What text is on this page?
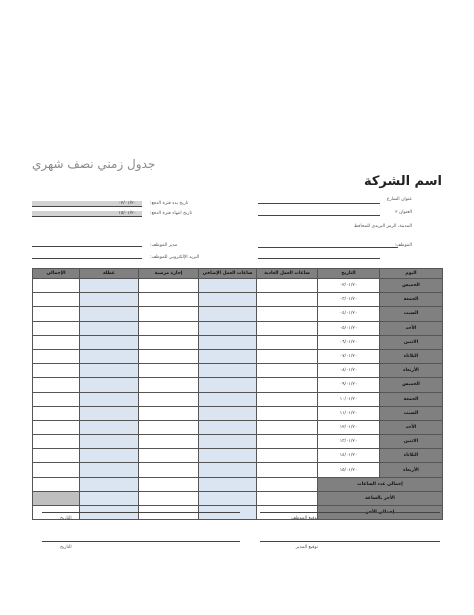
جدول زمني نصف شهري
اسم الشركة
عنوان الشارع
العنوان ٢
المدينة، الرمز البريدي للمحافظ
الموظف:
٠٢/٠١/٢٠	تاريخ بدء فترة الدفع:
١٥/٠١/٢٠	تاريخ انتهاء فترة الدفع:
مدير الموظف:
البريد الإلكتروني للموظف:
الإجمالي	عطلة	إجازة مرضية	ساعات العمل الإضافي	ساعات العمل العادية	التاريخ	اليوم
					٠٢/٠١/٢٠	الخميس
					٠٣/٠١/٢٠	الجمعة
					٠٤/٠١/٢٠	السبت
					٠٥/٠١/٢٠	الأحد
					٠٦/٠١/٢٠	الاثنين
					٠٧/٠١/٢٠	الثلاثاء
					٠٨/٠١/٢٠	الأربعاء
					٠٩/٠١/٢٠	الخميس
					١٠/٠١/٢٠	الجمعة
					١١/٠١/٢٠	السبت
					١٢/٠١/٢٠	الأحد
					١٣/٠١/٢٠	الاثنين
					١٤/٠١/٢٠	الثلاثاء
					١٥/٠١/٢٠	الأربعاء
					إجمالي عدد الساعات	
					الأجر بالساعة	
					إجمالي الأجر	
التاريخ	توقيع الموظف
التاريخ	توقيع المدير
